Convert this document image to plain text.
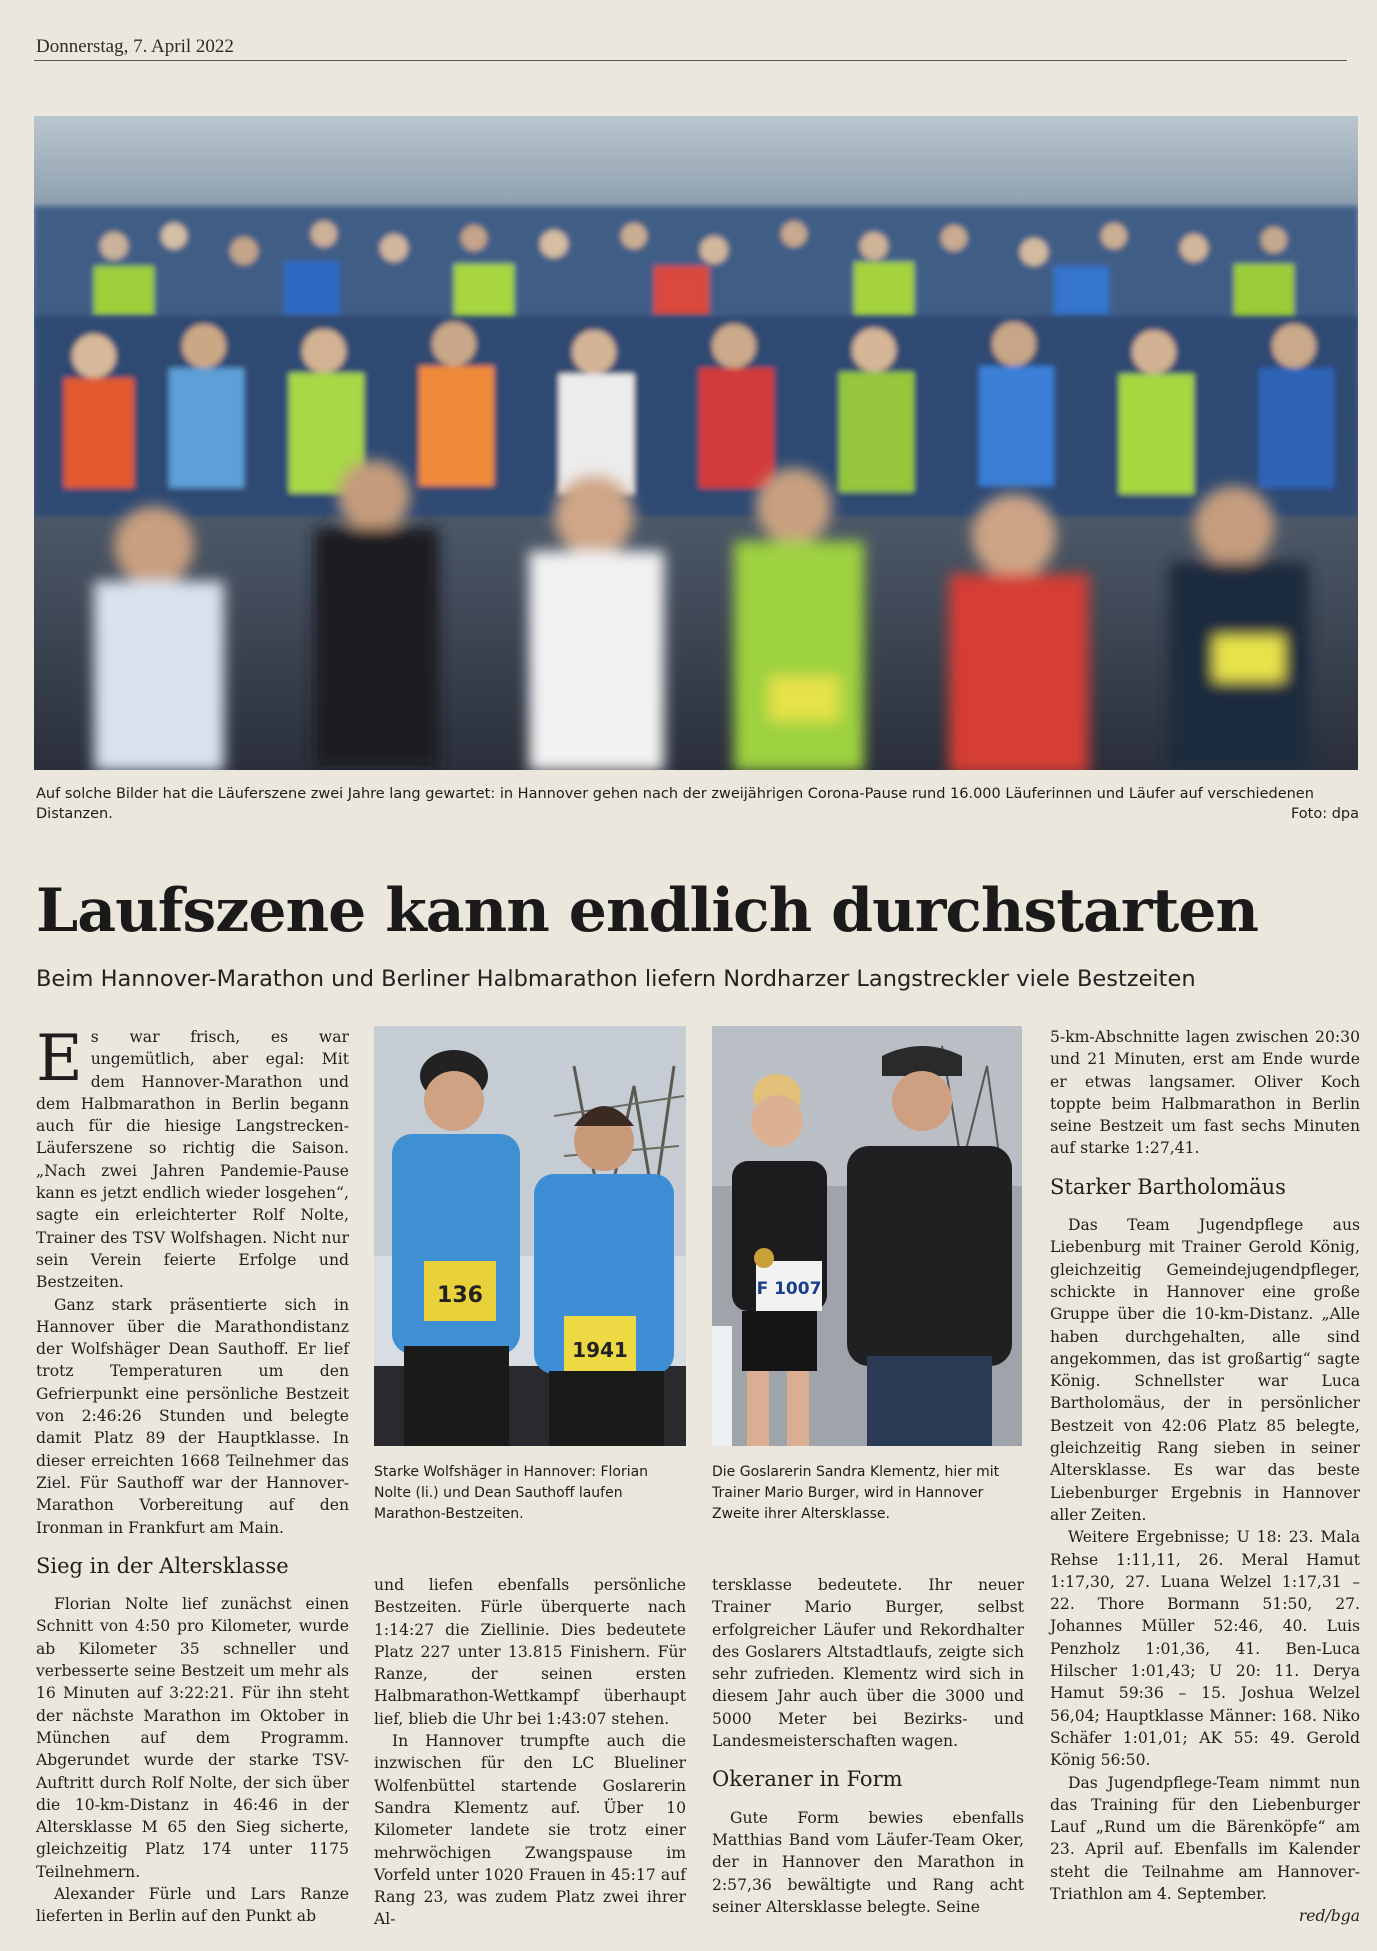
Donnerstag, 7. April 2022
Auf solche Bilder hat die Läuferszene zwei Jahre lang gewartet: in Hannover gehen nach der zweijährigen Corona-Pause rund 16.000 Läuferinnen und Läufer auf verschiedenen Distanzen.	Foto: dpa
Laufszene kann endlich durchstarten
Beim Hannover-Marathon und Berliner Halbmarathon liefern Nordharzer Langstreckler viele Bestzeiten
136
1941
Starke Wolfshäger in Hannover: Florian Nolte (li.) und Dean Sauthoff laufen Marathon-Bestzeiten.
F 1007
Die Goslarerin Sandra Klementz, hier mit Trainer Mario Burger, wird in Hannover Zweite ihrer Altersklasse.
E s war frisch, es war ungemütlich, aber egal: Mit dem Hannover-Marathon und dem Halbmarathon in Berlin begann auch für die hiesige Langstrecken-Läuferszene so richtig die Saison. „Nach zwei Jahren Pandemie-Pause kann es jetzt endlich wieder losgehen“, sagte ein erleichterter Rolf Nolte, Trainer des TSV Wolfshagen. Nicht nur sein Verein feierte Erfolge und Bestzeiten.

Ganz stark präsentierte sich in Hannover über die Marathondistanz der Wolfshäger Dean Sauthoff. Er lief trotz Temperaturen um den Gefrierpunkt eine persönliche Bestzeit von 2:46:26 Stunden und belegte damit Platz 89 der Hauptklasse. In dieser erreichten 1668 Teilnehmer das Ziel. Für Sauthoff war der Hannover-Marathon Vorbereitung auf den Ironman in Frankfurt am Main.

Sieg in der Altersklasse

Florian Nolte lief zunächst einen Schnitt von 4:50 pro Kilometer, wurde ab Kilometer 35 schneller und verbesserte seine Bestzeit um mehr als 16 Minuten auf 3:22:21. Für ihn steht der nächste Marathon im Oktober in München auf dem Programm. Abgerundet wurde der starke TSV-Auftritt durch Rolf Nolte, der sich über die 10-km-Distanz in 46:46 in der Altersklasse M 65 den Sieg sicherte, gleichzeitig Platz 174 unter 1175 Teilnehmern.

Alexander Fürle und Lars Ranze lieferten in Berlin auf den Punkt ab

und liefen ebenfalls persönliche Bestzeiten. Fürle überquerte nach 1:14:27 die Ziellinie. Dies bedeutete Platz 227 unter 13.815 Finishern. Für Ranze, der seinen ersten Halbmarathon-Wettkampf überhaupt lief, blieb die Uhr bei 1:43:07 stehen.

In Hannover trumpfte auch die inzwischen für den LC Blueliner Wolfenbüttel startende Goslarerin Sandra Klementz auf. Über 10 Kilometer landete sie trotz einer mehrwöchigen Zwangspause im Vorfeld unter 1020 Frauen in 45:17 auf Rang 23, was zudem Platz zwei ihrer Al-

tersklasse bedeutete. Ihr neuer Trainer Mario Burger, selbst erfolgreicher Läufer und Rekordhalter des Goslarers Altstadtlaufs, zeigte sich sehr zufrieden. Klementz wird sich in diesem Jahr auch über die 3000 und 5000 Meter bei Bezirks- und Landesmeisterschaften wagen.

Okeraner in Form

Gute Form bewies ebenfalls Matthias Band vom Läufer-Team Oker, der in Hannover den Marathon in 2:57,36 bewältigte und Rang acht seiner Altersklasse belegte. Seine

5-km-Abschnitte lagen zwischen 20:30 und 21 Minuten, erst am Ende wurde er etwas langsamer. Oliver Koch toppte beim Halbmarathon in Berlin seine Bestzeit um fast sechs Minuten auf starke 1:27,41.

Starker Bartholomäus

Das Team Jugendpflege aus Liebenburg mit Trainer Gerold König, gleichzeitig Gemeindejugendpfleger, schickte in Hannover eine große Gruppe über die 10-km-Distanz. „Alle haben durchgehalten, alle sind angekommen, das ist großartig“ sagte König. Schnellster war Luca Bartholomäus, der in persönlicher Bestzeit von 42:06 Platz 85 belegte, gleichzeitig Rang sieben in seiner Altersklasse. Es war das beste Liebenburger Ergebnis in Hannover aller Zeiten.

Weitere Ergebnisse; U 18: 23. Mala Rehse 1:11,11, 26. Meral Hamut 1:17,30, 27. Luana Welzel 1:17,31 – 22. Thore Bormann 51:50, 27. Johannes Müller 52:46, 40. Luis Penzholz 1:01,36, 41. Ben-Luca Hilscher 1:01,43; U 20: 11. Derya Hamut 59:36 – 15. Joshua Welzel 56,04; Hauptklasse Männer: 168. Niko Schäfer 1:01,01; AK 55: 49. Gerold König 56:50.

Das Jugendpflege-Team nimmt nun das Training für den Liebenburger Lauf „Rund um die Bärenköpfe“ am 23. April auf. Ebenfalls im Kalender steht die Teilnahme am Hannover-Triathlon am 4. September.

red/bga
